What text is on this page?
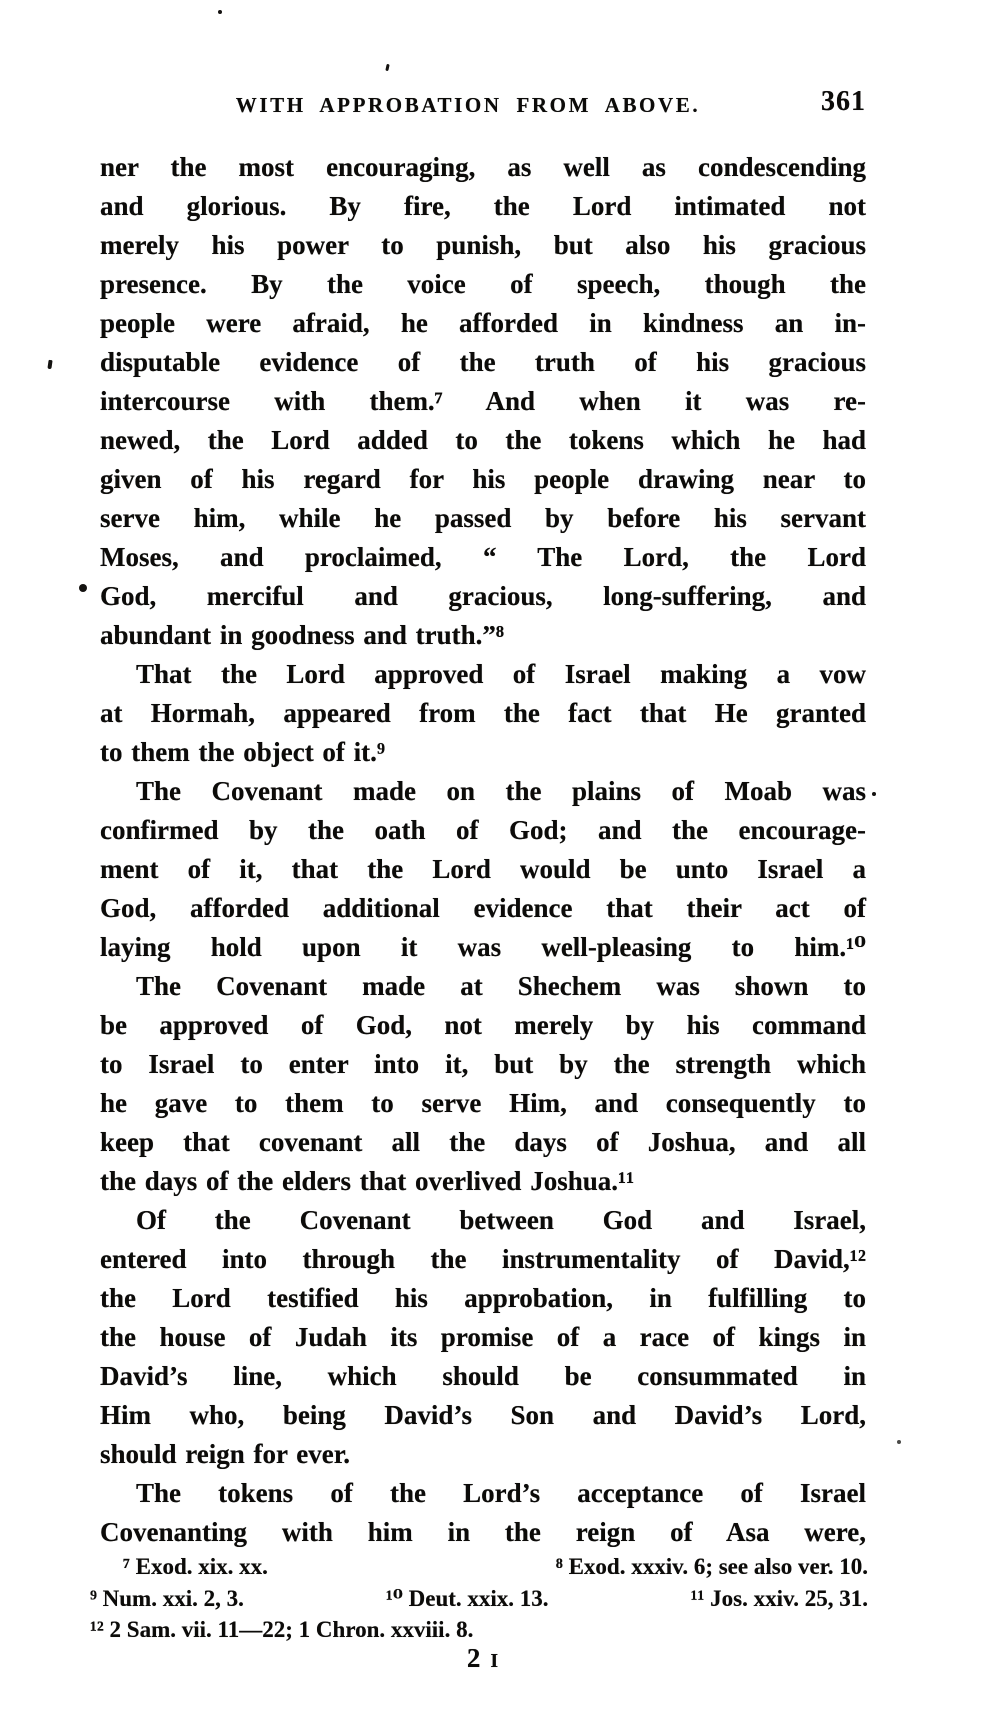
WITH APPROBATION FROM ABOVE.	361
ner the most encouraging, as well as condescending
and glorious. By fire, the Lord intimated not
merely his power to punish, but also his gracious
presence. By the voice of speech, though the
people were afraid, he afforded in kindness an in-
disputable evidence of the truth of his gracious
intercourse with them.⁷ And when it was re-
newed, the Lord added to the tokens which he had
given of his regard for his people drawing near to
serve him, while he passed by before his servant
Moses, and proclaimed, “ The Lord, the Lord
God, merciful and gracious, long-suffering, and
abundant in goodness and truth.”⁸
That the Lord approved of Israel making a vow
at Hormah, appeared from the fact that He granted
to them the object of it.⁹
The Covenant made on the plains of Moab was
confirmed by the oath of God; and the encourage-
ment of it, that the Lord would be unto Israel a
God, afforded additional evidence that their act of
laying hold upon it was well-pleasing to him.¹⁰
The Covenant made at Shechem was shown to
be approved of God, not merely by his command
to Israel to enter into it, but by the strength which
he gave to them to serve Him, and consequently to
keep that covenant all the days of Joshua, and all
the days of the elders that overlived Joshua.¹¹
Of the Covenant between God and Israel,
entered into through the instrumentality of David,¹²
the Lord testified his approbation, in fulfilling to
the house of Judah its promise of a race of kings in
David’s line, which should be consummated in
Him who, being David’s Son and David’s Lord,
should reign for ever.
The tokens of the Lord’s acceptance of Israel
Covenanting with him in the reign of Asa were,
⁷ Exod. xix. xx.	⁸ Exod. xxxiv. 6; see also ver. 10.
⁹ Num. xxi. 2, 3.	¹⁰ Deut. xxix. 13.	¹¹ Jos. xxiv. 25, 31.
¹² 2 Sam. vii. 11—22; 1 Chron. xxviii. 8.
2 I
